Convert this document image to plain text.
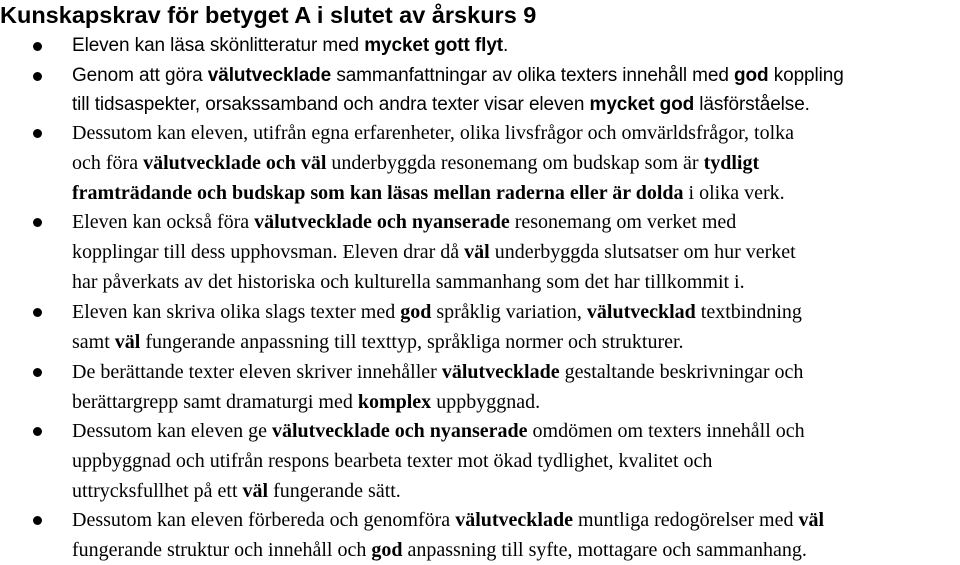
Kunskapskrav för betyget A i slutet av årskurs 9
Eleven kan läsa skönlitteratur med mycket gott flyt.
Genom att göra välutvecklade sammanfattningar av olika texters innehåll med god koppling
till tidsaspekter, orsakssamband och andra texter visar eleven mycket god läsförståelse.
Dessutom kan eleven, utifrån egna erfarenheter, olika livsfrågor och omvärldsfrågor, tolka
och föra välutvecklade och väl underbyggda resonemang om budskap som är tydligt
framträdande och budskap som kan läsas mellan raderna eller är dolda i olika verk.
Eleven kan också föra välutvecklade och nyanserade resonemang om verket med
kopplingar till dess upphovsman. Eleven drar då väl underbyggda slutsatser om hur verket
har påverkats av det historiska och kulturella sammanhang som det har tillkommit i.
Eleven kan skriva olika slags texter med god språklig variation, välutvecklad textbindning
samt väl fungerande anpassning till texttyp, språkliga normer och strukturer.
De berättande texter eleven skriver innehåller välutvecklade gestaltande beskrivningar och
berättargrepp samt dramaturgi med komplex uppbyggnad.
Dessutom kan eleven ge välutvecklade och nyanserade omdömen om texters innehåll och
uppbyggnad och utifrån respons bearbeta texter mot ökad tydlighet, kvalitet och
uttrycksfullhet på ett väl fungerande sätt.
Dessutom kan eleven förbereda och genomföra välutvecklade muntliga redogörelser med väl
fungerande struktur och innehåll och god anpassning till syfte, mottagare och sammanhang.
